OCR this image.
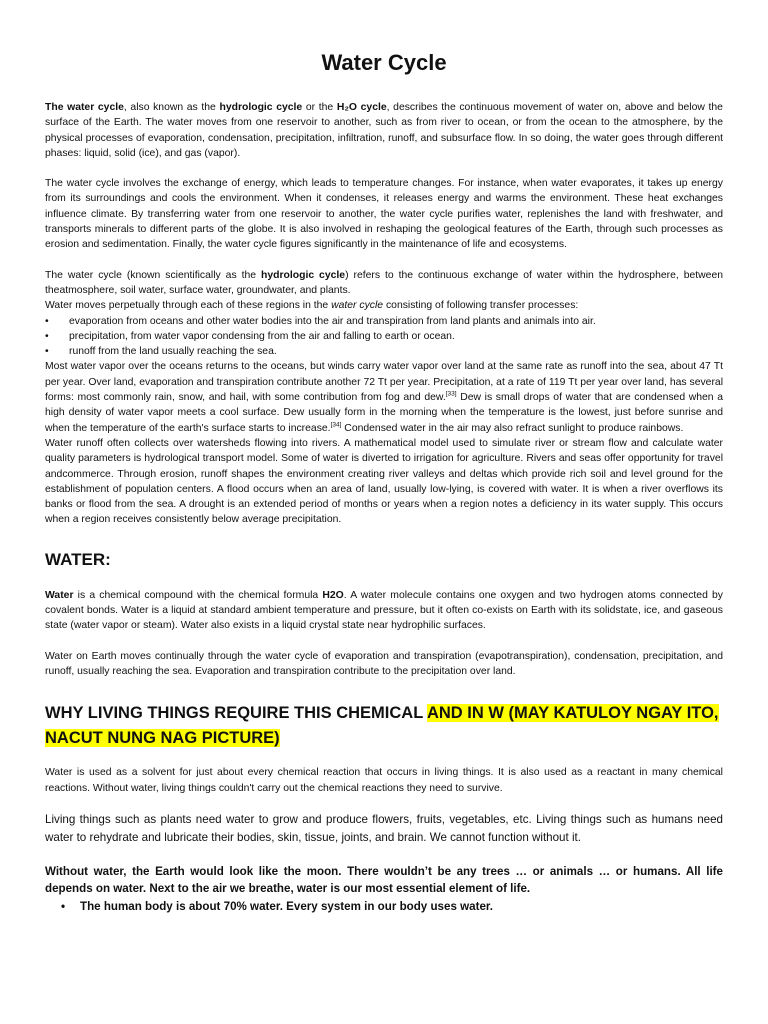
Water Cycle

The water cycle, also known as the hydrologic cycle or the H₂O cycle, describes the continuous movement of water on, above and below the surface of the Earth. The water moves from one reservoir to another, such as from river to ocean, or from the ocean to the atmosphere, by the physical processes of evaporation, condensation, precipitation, infiltration, runoff, and subsurface flow. In so doing, the water goes through different phases: liquid, solid (ice), and gas (vapor).

The water cycle involves the exchange of energy, which leads to temperature changes. For instance, when water evaporates, it takes up energy from its surroundings and cools the environment. When it condenses, it releases energy and warms the environment. These heat exchanges influence climate. By transferring water from one reservoir to another, the water cycle purifies water, replenishes the land with freshwater, and transports minerals to different parts of the globe. It is also involved in reshaping the geological features of the Earth, through such processes as erosion and sedimentation. Finally, the water cycle figures significantly in the maintenance of life and ecosystems.

The water cycle (known scientifically as the hydrologic cycle) refers to the continuous exchange of water within the hydrosphere, between theatmosphere, soil water, surface water, groundwater, and plants.

Water moves perpetually through each of these regions in the water cycle consisting of following transfer processes:

• evaporation from oceans and other water bodies into the air and transpiration from land plants and animals into air.
• precipitation, from water vapor condensing from the air and falling to earth or ocean.
• runoff from the land usually reaching the sea.

Most water vapor over the oceans returns to the oceans, but winds carry water vapor over land at the same rate as runoff into the sea, about 47 Tt per year. Over land, evaporation and transpiration contribute another 72 Tt per year. Precipitation, at a rate of 119 Tt per year over land, has several forms: most commonly rain, snow, and hail, with some contribution from fog and dew.[33] Dew is small drops of water that are condensed when a high density of water vapor meets a cool surface. Dew usually form in the morning when the temperature is the lowest, just before sunrise and when the temperature of the earth's surface starts to increase.[34] Condensed water in the air may also refract sunlight to produce rainbows.

Water runoff often collects over watersheds flowing into rivers. A mathematical model used to simulate river or stream flow and calculate water quality parameters is hydrological transport model. Some of water is diverted to irrigation for agriculture. Rivers and seas offer opportunity for travel andcommerce. Through erosion, runoff shapes the environment creating river valleys and deltas which provide rich soil and level ground for the establishment of population centers. A flood occurs when an area of land, usually low-lying, is covered with water. It is when a river overflows its banks or flood from the sea. A drought is an extended period of months or years when a region notes a deficiency in its water supply. This occurs when a region receives consistently below average precipitation.

WATER:

Water is a chemical compound with the chemical formula H2O. A water molecule contains one oxygen and two hydrogen atoms connected by covalent bonds. Water is a liquid at standard ambient temperature and pressure, but it often co-exists on Earth with its solidstate, ice, and gaseous state (water vapor or steam). Water also exists in a liquid crystal state near hydrophilic surfaces.

Water on Earth moves continually through the water cycle of evaporation and transpiration (evapotranspiration), condensation, precipitation, and runoff, usually reaching the sea. Evaporation and transpiration contribute to the precipitation over land.

WHY LIVING THINGS REQUIRE THIS CHEMICAL AND IN W (MAY KATULOY NGAY ITO, NACUT NUNG NAG PICTURE)

Water is used as a solvent for just about every chemical reaction that occurs in living things. It is also used as a reactant in many chemical reactions. Without water, living things couldn't carry out the chemical reactions they need to survive.

Living things such as plants need water to grow and produce flowers, fruits, vegetables, etc. Living things such as humans need water to rehydrate and lubricate their bodies, skin, tissue, joints, and brain. We cannot function without it.

Without water, the Earth would look like the moon. There wouldn’t be any trees … or animals … or humans. All life depends on water. Next to the air we breathe, water is our most essential element of life.

• The human body is about 70% water. Every system in our body uses water.
